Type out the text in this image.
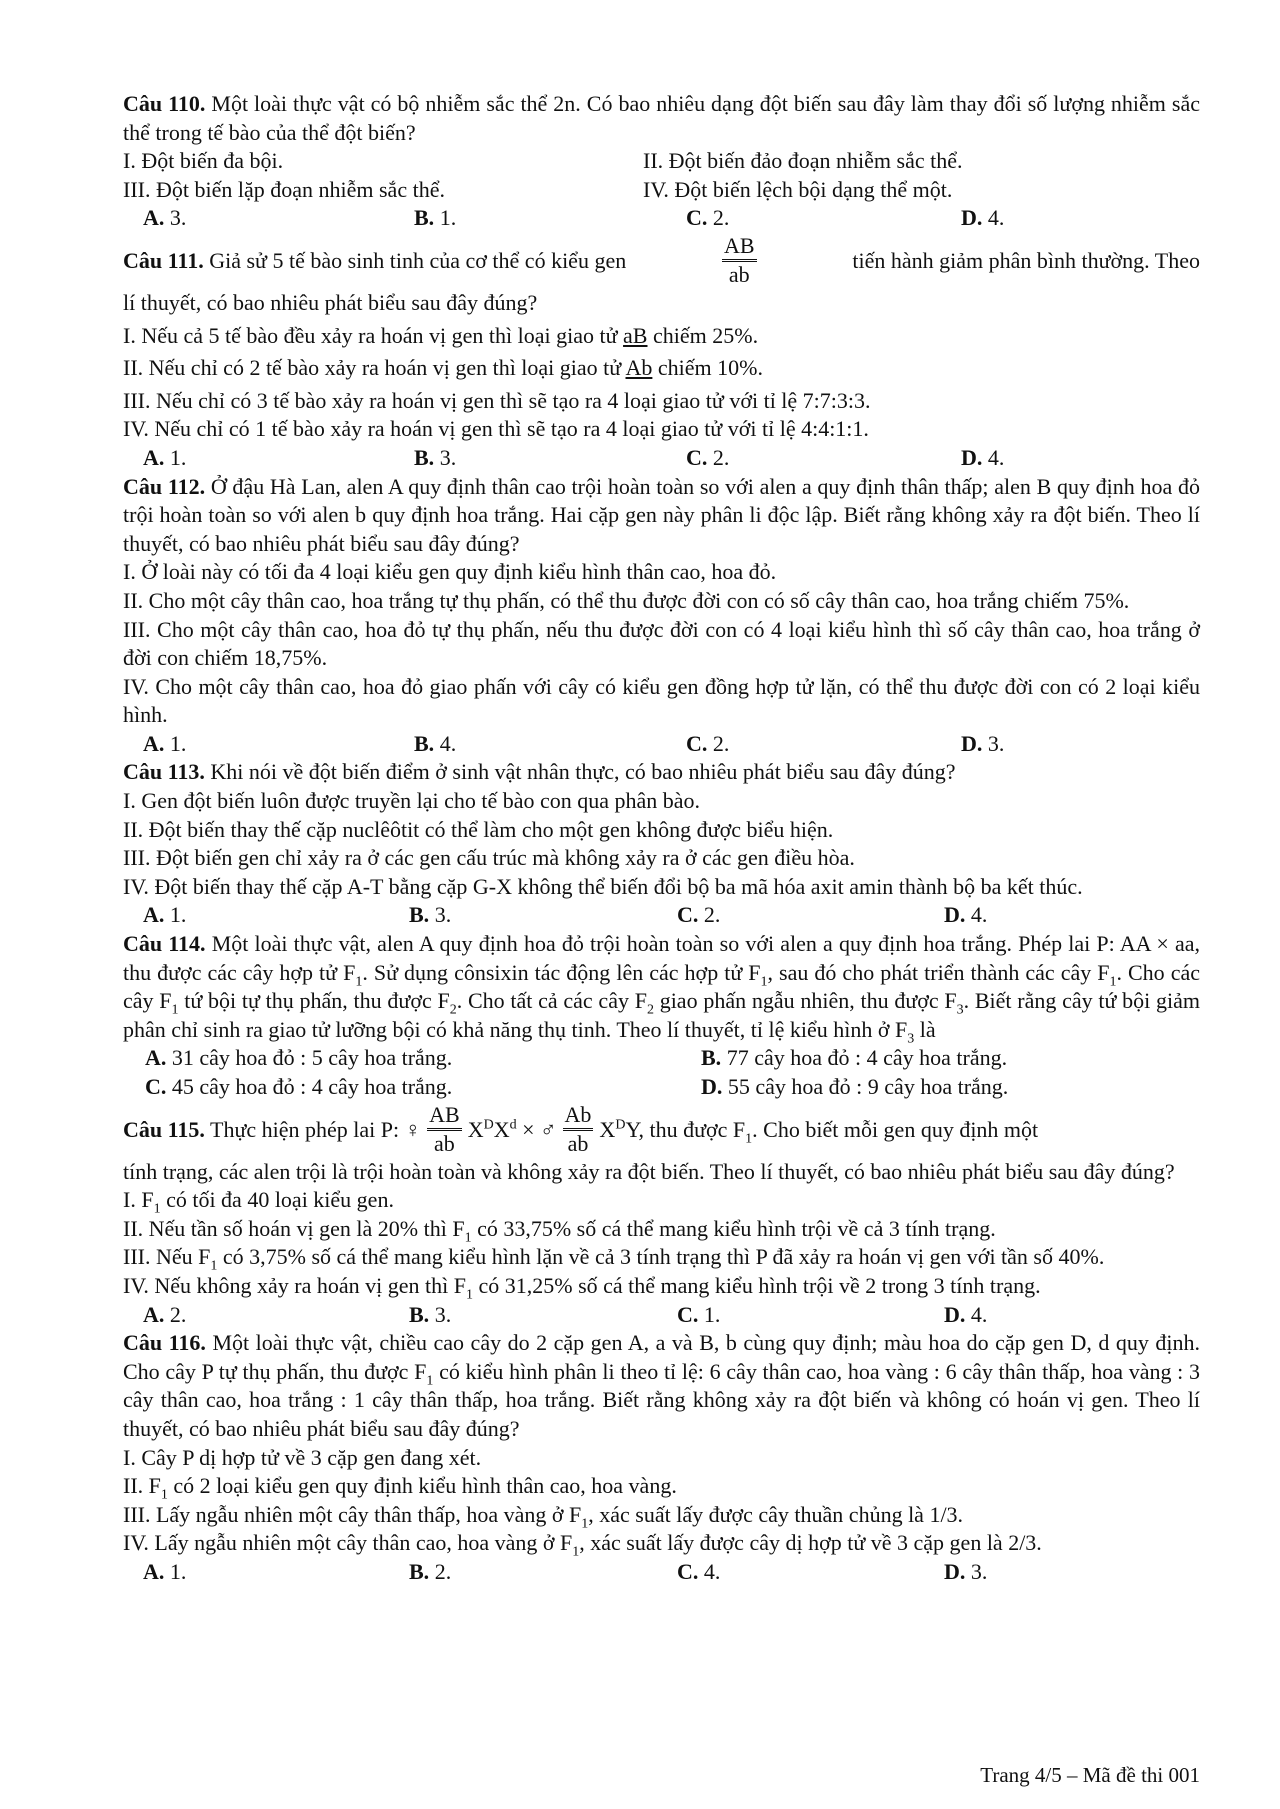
Câu 110. Một loài thực vật có bộ nhiễm sắc thể 2n. Có bao nhiêu dạng đột biến sau đây làm thay đổi số lượng nhiễm sắc thể trong tế bào của thể đột biến?

I. Đột biến đa bội.	II. Đột biến đảo đoạn nhiễm sắc thể.
III. Đột biến lặp đoạn nhiễm sắc thể.	IV. Đột biến lệch bội dạng thể một.
A. 3.	B. 1.	C. 2.	D. 4.
Câu 111. Giả sử 5 tế bào sinh tinh của cơ thể có kiểu gen	$\frac{AB}{ab}$	tiến hành giảm phân bình thường. Theo

lí thuyết, có bao nhiêu phát biểu sau đây đúng?

I. Nếu cả 5 tế bào đều xảy ra hoán vị gen thì loại giao tử aB chiếm 25%.

II. Nếu chỉ có 2 tế bào xảy ra hoán vị gen thì loại giao tử Ab chiếm 10%.

III. Nếu chỉ có 3 tế bào xảy ra hoán vị gen thì sẽ tạo ra 4 loại giao tử với tỉ lệ 7:7:3:3.

IV. Nếu chỉ có 1 tế bào xảy ra hoán vị gen thì sẽ tạo ra 4 loại giao tử với tỉ lệ 4:4:1:1.

A. 1.	B. 3.	C. 2.	D. 4.

Câu 112. Ở đậu Hà Lan, alen A quy định thân cao trội hoàn toàn so với alen a quy định thân thấp; alen B quy định hoa đỏ trội hoàn toàn so với alen b quy định hoa trắng. Hai cặp gen này phân li độc lập. Biết rằng không xảy ra đột biến. Theo lí thuyết, có bao nhiêu phát biểu sau đây đúng?

I. Ở loài này có tối đa 4 loại kiểu gen quy định kiểu hình thân cao, hoa đỏ.

II. Cho một cây thân cao, hoa trắng tự thụ phấn, có thể thu được đời con có số cây thân cao, hoa trắng chiếm 75%.

III. Cho một cây thân cao, hoa đỏ tự thụ phấn, nếu thu được đời con có 4 loại kiểu hình thì số cây thân cao, hoa trắng ở đời con chiếm 18,75%.

IV. Cho một cây thân cao, hoa đỏ giao phấn với cây có kiểu gen đồng hợp tử lặn, có thể thu được đời con có 2 loại kiểu hình.

A. 1.	B. 4.	C. 2.	D. 3.

Câu 113. Khi nói về đột biến điểm ở sinh vật nhân thực, có bao nhiêu phát biểu sau đây đúng?

I. Gen đột biến luôn được truyền lại cho tế bào con qua phân bào.

II. Đột biến thay thế cặp nuclêôtit có thể làm cho một gen không được biểu hiện.

III. Đột biến gen chỉ xảy ra ở các gen cấu trúc mà không xảy ra ở các gen điều hòa.

IV. Đột biến thay thế cặp A-T bằng cặp G-X không thể biến đổi bộ ba mã hóa axit amin thành bộ ba kết thúc.

A. 1.	B. 3.	C. 2.	D. 4.

Câu 114. Một loài thực vật, alen A quy định hoa đỏ trội hoàn toàn so với alen a quy định hoa trắng. Phép lai P: AA × aa, thu được các cây hợp tử $F_1$. Sử dụng cônsixin tác động lên các hợp tử $F_1$, sau đó cho phát triển thành các cây $F_1$. Cho các cây $F_1$ tứ bội tự thụ phấn, thu được $F_2$. Cho tất cả các cây $F_2$ giao phấn ngẫu nhiên, thu được $F_3$. Biết rằng cây tứ bội giảm phân chỉ sinh ra giao tử lưỡng bội có khả năng thụ tinh. Theo lí thuyết, tỉ lệ kiểu hình ở $F_3$ là

A. 31 cây hoa đỏ : 5 cây hoa trắng.	B. 77 cây hoa đỏ : 4 cây hoa trắng.
C. 45 cây hoa đỏ : 4 cây hoa trắng.	D. 55 cây hoa đỏ : 9 cây hoa trắng.
Câu 115. Thực hiện phép lai P: ♀ $\frac{AB}{ab} X^DX^d$ × ♂ $\frac{Ab}{ab} X^DY$, thu được $F_1$. Cho biết mỗi gen quy định một

tính trạng, các alen trội là trội hoàn toàn và không xảy ra đột biến. Theo lí thuyết, có bao nhiêu phát biểu sau đây đúng?

I. $F_1$ có tối đa 40 loại kiểu gen.

II. Nếu tần số hoán vị gen là 20% thì $F_1$ có 33,75% số cá thể mang kiểu hình trội về cả 3 tính trạng.

III. Nếu $F_1$ có 3,75% số cá thể mang kiểu hình lặn về cả 3 tính trạng thì P đã xảy ra hoán vị gen với tần số 40%.

IV. Nếu không xảy ra hoán vị gen thì $F_1$ có 31,25% số cá thể mang kiểu hình trội về 2 trong 3 tính trạng.

A. 2.	B. 3.	C. 1.	D. 4.

Câu 116. Một loài thực vật, chiều cao cây do 2 cặp gen A, a và B, b cùng quy định; màu hoa do cặp gen D, d quy định. Cho cây P tự thụ phấn, thu được $F_1$ có kiểu hình phân li theo tỉ lệ: 6 cây thân cao, hoa vàng : 6 cây thân thấp, hoa vàng : 3 cây thân cao, hoa trắng : 1 cây thân thấp, hoa trắng. Biết rằng không xảy ra đột biến và không có hoán vị gen. Theo lí thuyết, có bao nhiêu phát biểu sau đây đúng?

I. Cây P dị hợp tử về 3 cặp gen đang xét.

II. $F_1$ có 2 loại kiểu gen quy định kiểu hình thân cao, hoa vàng.

III. Lấy ngẫu nhiên một cây thân thấp, hoa vàng ở $F_1$, xác suất lấy được cây thuần chủng là 1/3.

IV. Lấy ngẫu nhiên một cây thân cao, hoa vàng ở $F_1$, xác suất lấy được cây dị hợp tử về 3 cặp gen là 2/3.

A. 1.	B. 2.	C. 4.	D. 3.
Trang 4/5 – Mã đề thi 001
